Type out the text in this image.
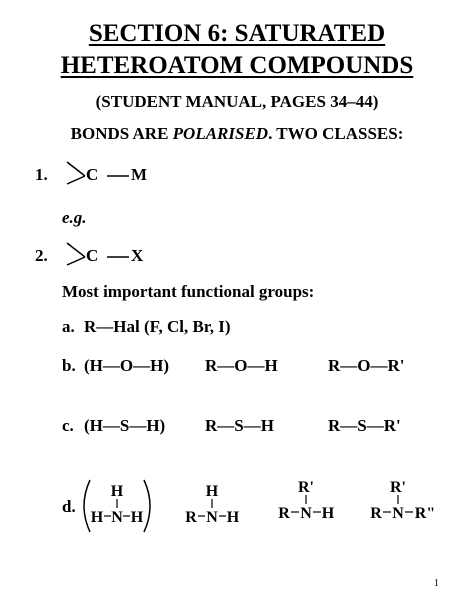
SECTION 6: SATURATED
HETEROATOM COMPOUNDS
(STUDENT MANUAL, PAGES 34–44)
BONDS ARE POLARISED. TWO CLASSES:
1. C M
e.g.
2. C X
Most important functional groups:
a. R—Hal (F, Cl, Br, I)
b. (H—O—H) R—O—H	R—O—R'
c. (H—S—H) R—S—H	R—S—R'
d.
H
H N H
H
R N H
R'
R N H
R'
R N R"
1
